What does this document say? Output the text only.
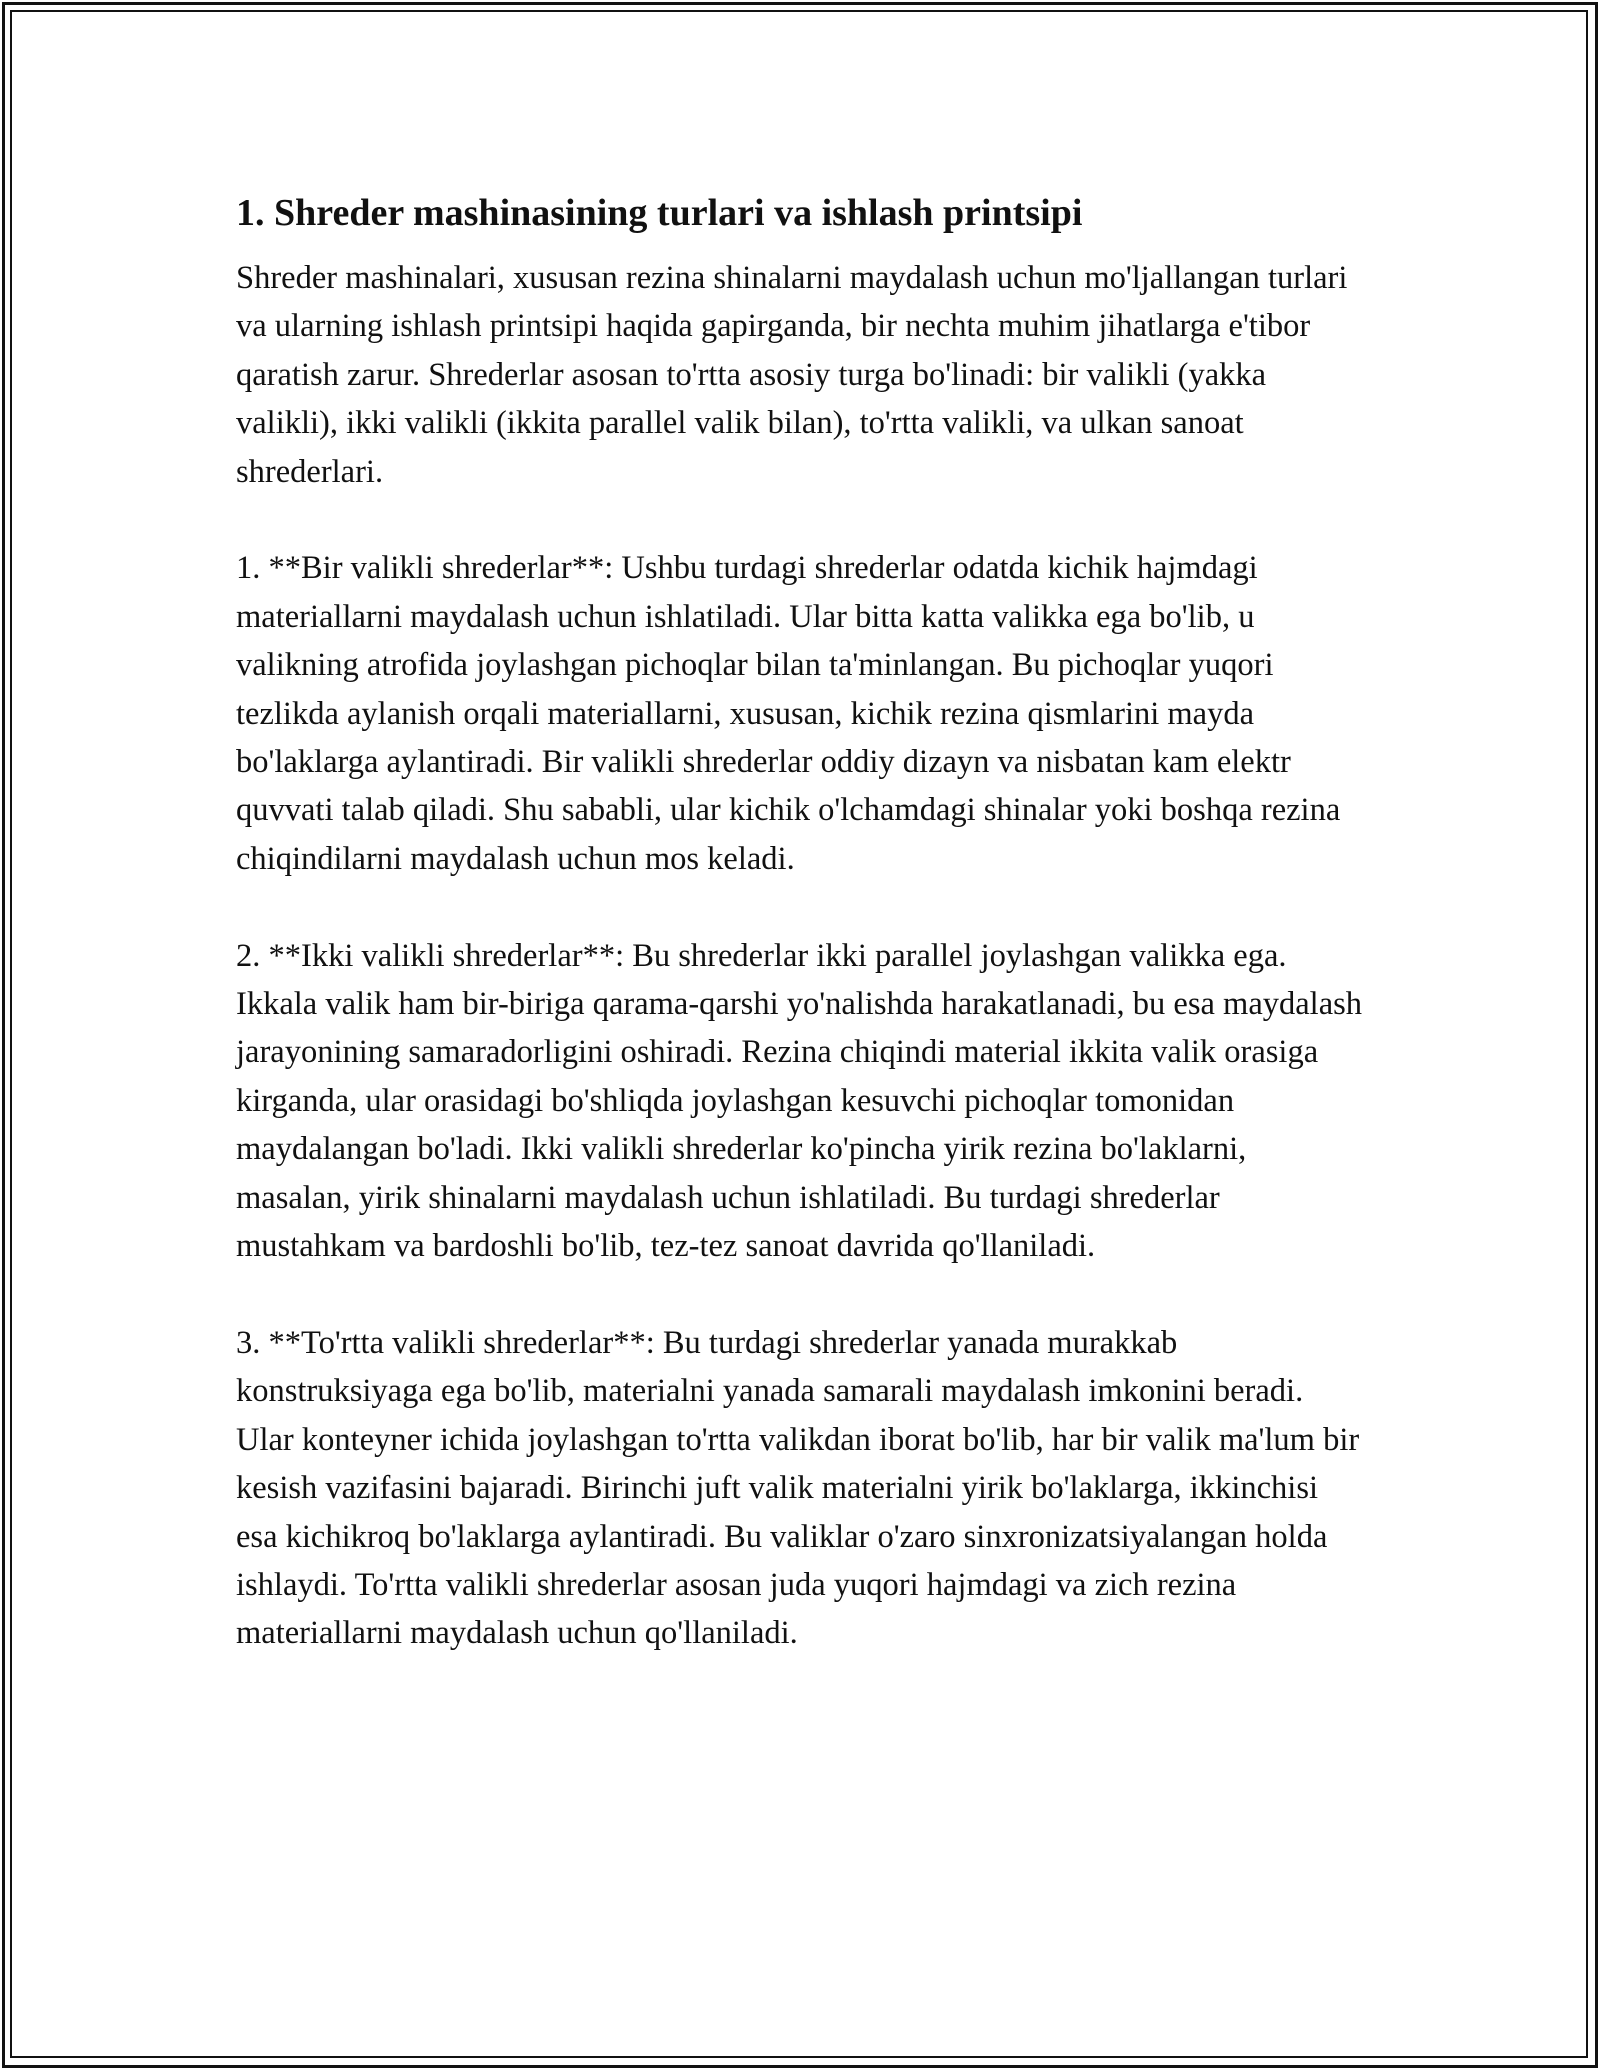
1. Shreder mashinasining turlari va ishlash printsipi

Shreder mashinalari, xususan rezina shinalarni maydalash uchun mo'ljallangan turlari va ularning ishlash printsipi haqida gapirganda, bir nechta muhim jihatlarga e'tibor qaratish zarur. Shrederlar asosan to'rtta asosiy turga bo'linadi: bir valikli (yakka valikli), ikki valikli (ikkita parallel valik bilan), to'rtta valikli, va ulkan sanoat shrederlari.

1. **Bir valikli shrederlar**: Ushbu turdagi shrederlar odatda kichik hajmdagi materiallarni maydalash uchun ishlatiladi. Ular bitta katta valikka ega bo'lib, u valikning atrofida joylashgan pichoqlar bilan ta'minlangan. Bu pichoqlar yuqori tezlikda aylanish orqali materiallarni, xususan, kichik rezina qismlarini mayda bo'laklarga aylantiradi. Bir valikli shrederlar oddiy dizayn va nisbatan kam elektr quvvati talab qiladi. Shu sababli, ular kichik o'lchamdagi shinalar yoki boshqa rezina chiqindilarni maydalash uchun mos keladi.

2. **Ikki valikli shrederlar**: Bu shrederlar ikki parallel joylashgan valikka ega. Ikkala valik ham bir-biriga qarama-qarshi yo'nalishda harakatlanadi, bu esa maydalash jarayonining samaradorligini oshiradi. Rezina chiqindi material ikkita valik orasiga kirganda, ular orasidagi bo'shliqda joylashgan kesuvchi pichoqlar tomonidan maydalangan bo'ladi. Ikki valikli shrederlar ko'pincha yirik rezina bo'laklarni, masalan, yirik shinalarni maydalash uchun ishlatiladi. Bu turdagi shrederlar mustahkam va bardoshli bo'lib, tez-tez sanoat davrida qo'llaniladi.

3. **To'rtta valikli shrederlar**: Bu turdagi shrederlar yanada murakkab konstruksiyaga ega bo'lib, materialni yanada samarali maydalash imkonini beradi. Ular konteyner ichida joylashgan to'rtta valikdan iborat bo'lib, har bir valik ma'lum bir kesish vazifasini bajaradi. Birinchi juft valik materialni yirik bo'laklarga, ikkinchisi esa kichikroq bo'laklarga aylantiradi. Bu valiklar o'zaro sinxronizatsiyalangan holda ishlaydi. To'rtta valikli shrederlar asosan juda yuqori hajmdagi va zich rezina materiallarni maydalash uchun qo'llaniladi.
